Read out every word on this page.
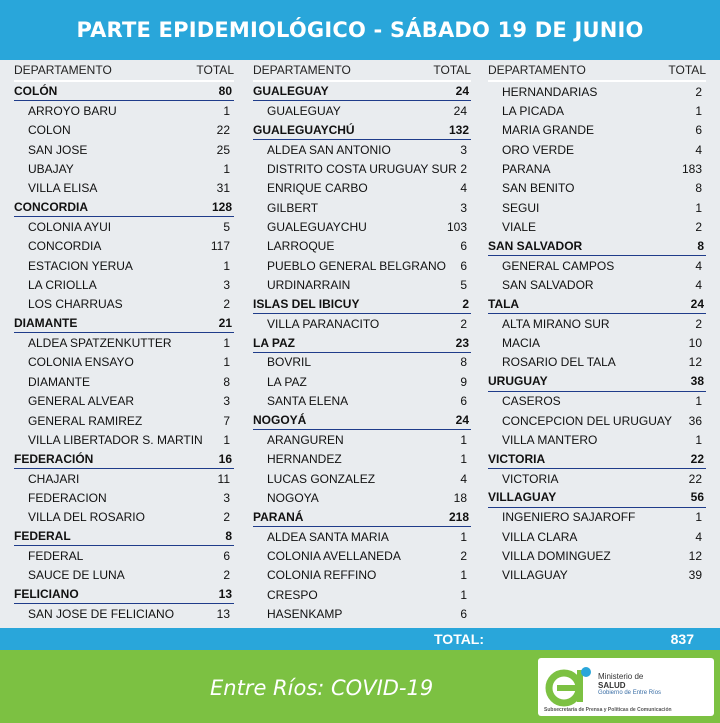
PARTE EPIDEMIOLÓGICO - SÁBADO 19 DE JUNIO
DEPARTAMENTO	TOTAL
COLÓN	80
ARROYO BARU	1
COLON	22
SAN JOSE	25
UBAJAY	1
VILLA ELISA	31
CONCORDIA	128
COLONIA AYUI	5
CONCORDIA	117
ESTACION YERUA	1
LA CRIOLLA	3
LOS CHARRUAS	2
DIAMANTE	21
ALDEA SPATZENKUTTER	1
COLONIA ENSAYO	1
DIAMANTE	8
GENERAL ALVEAR	3
GENERAL RAMIREZ	7
VILLA LIBERTADOR S. MARTIN 1
FEDERACIÓN	16
CHAJARI	11
FEDERACION	3
VILLA DEL ROSARIO	2
FEDERAL	8
FEDERAL	6
SAUCE DE LUNA	2
FELICIANO	13
SAN JOSE DE FELICIANO	13
DEPARTAMENTO	TOTAL
GUALEGUAY	24
GUALEGUAY	24
GUALEGUAYCHÚ	132
ALDEA SAN ANTONIO	3
DISTRITO COSTA URUGUAY SUR 2
ENRIQUE CARBO	4
GILBERT	3
GUALEGUAYCHU	103
LARROQUE	6
PUEBLO GENERAL BELGRANO 6
URDINARRAIN	5
ISLAS DEL IBICUY	2
VILLA PARANACITO	2
LA PAZ	23
BOVRIL	8
LA PAZ	9
SANTA ELENA	6
NOGOYÁ	24
ARANGUREN	1
HERNANDEZ	1
LUCAS GONZALEZ	4
NOGOYA	18
PARANÁ	218
ALDEA SANTA MARIA	1
COLONIA AVELLANEDA	2
COLONIA REFFINO	1
CRESPO	1
HASENKAMP	6
DEPARTAMENTO	TOTAL
HERNANDARIAS	2
LA PICADA	1
MARIA GRANDE	6
ORO VERDE	4
PARANA	183
SAN BENITO	8
SEGUI	1
VIALE	2
SAN SALVADOR	8
GENERAL CAMPOS	4
SAN SALVADOR	4
TALA	24
ALTA MIRANO SUR	2
MACIA	10
ROSARIO DEL TALA	12
URUGUAY	38
CASEROS	1
CONCEPCION DEL URUGUAY 36
VILLA MANTERO	1
VICTORIA	22
VICTORIA	22
VILLAGUAY	56
INGENIERO SAJAROFF	1
VILLA CLARA	4
VILLA DOMINGUEZ	12
VILLAGUAY	39
TOTAL:	837
Entre Ríos: COVID-19	Ministerio de
SALUD
Gobierno de Entre Ríos
Subsecretaría de Prensa y Políticas de Comunicación
